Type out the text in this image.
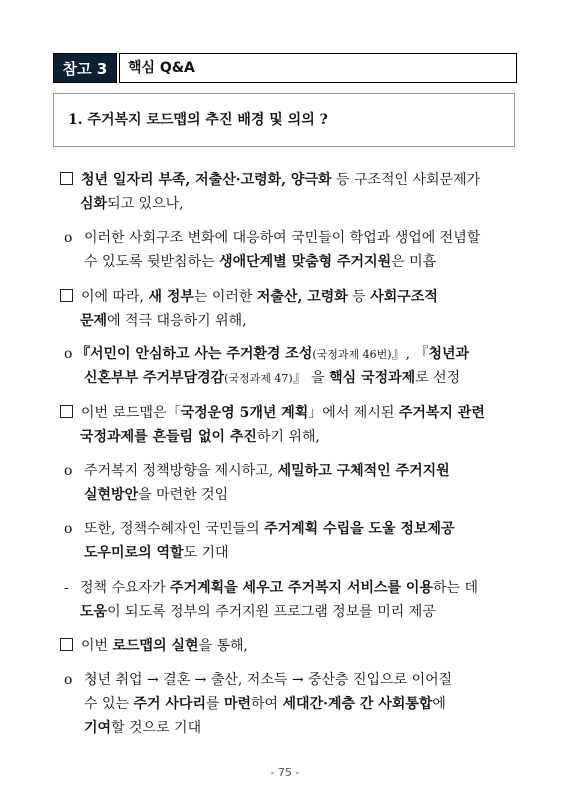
참고 3	핵심 Q&A
1. 주거복지 로드맵의 추진 배경 및 의의 ?
청년 일자리 부족, 저출산·고령화, 양극화 등 구조적인 사회문제가
심화되고 있으나,
o 이러한 사회구조 변화에 대응하여 국민들이 학업과 생업에 전념할
수 있도록 뒷받침하는 생애단계별 맞춤형 주거지원은 미흡
이에 따라, 새 정부는 이러한 저출산, 고령화 등 사회구조적
문제에 적극 대응하기 위해,
o 『서민이 안심하고 사는 주거환경 조성(국정과제 46번)』, 『청년과
신혼부부 주거부담경감(국정과제 47)』 을 핵심 국정과제로 선정
이번 로드맵은「국정운영 5개년 계획」에서 제시된 주거복지 관련
국정과제를 흔들림 없이 추진하기 위해,
o 주거복지 정책방향을 제시하고, 세밀하고 구체적인 주거지원
실현방안을 마련한 것임
o 또한, 정책수혜자인 국민들의 주거계획 수립을 도울 정보제공
도우미로의 역할도 기대
- 정책 수요자가 주거계획을 세우고 주거복지 서비스를 이용하는 데
도움이 되도록 정부의 주거지원 프로그램 정보를 미리 제공
이번 로드맵의 실현을 통해,
o 청년 취업 → 결혼 → 출산, 저소득 → 중산층 진입으로 이어질
수 있는 주거 사다리를 마련하여 세대간·계층 간 사회통합에
기여할 것으로 기대
- 75 -
